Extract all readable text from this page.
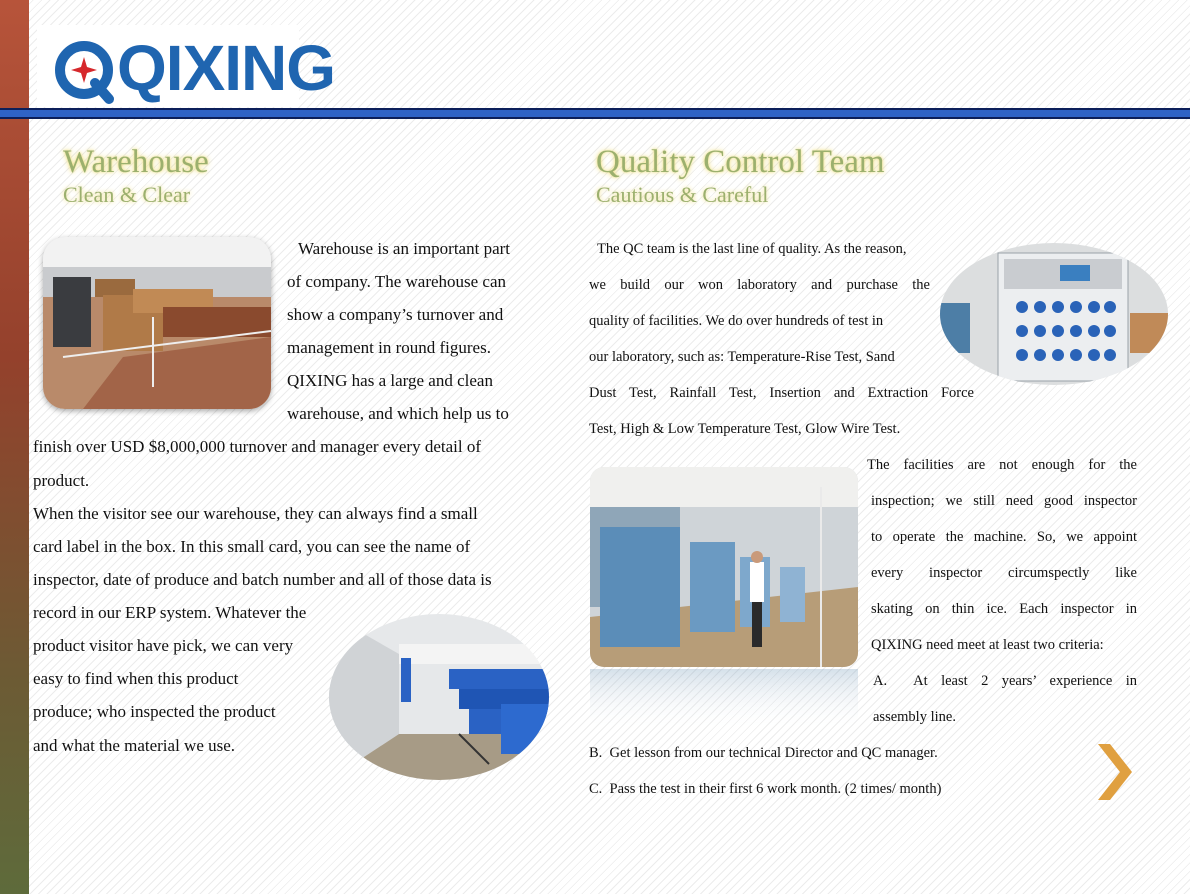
QIXING
Warehouse
Clean & Clear

Warehouse is an important part

of company. The warehouse can

show a company’s turnover and

management in round figures.

QIXING has a large and clean

warehouse, and which help us to

finish over USD $8,000,000 turnover and manager every detail of

product.

When the visitor see our warehouse, they can always find a small

card label in the box. In this small card, you can see the name of

inspector, date of produce and batch number and all of those data is

record in our ERP system. Whatever the

product visitor have pick, we can very

easy to find when this product

produce; who inspected the product

and what the material we use.

Quality Control Team
Cautious & Careful

The QC team is the last line of quality. As the reason,

we build our won laboratory and purchase the

quality of facilities. We do over hundreds of test in

our laboratory, such as: Temperature-Rise Test, Sand

Dust Test, Rainfall Test, Insertion and Extraction Force

Test, High & Low Temperature Test, Glow Wire Test.

The facilities are not enough for the

inspection; we still need good inspector

to operate the machine. So, we appoint

every inspector circumspectly like

skating on thin ice. Each inspector in

QIXING need meet at least two criteria:

A.  At least 2 years’ experience in

assembly line.

B.  Get lesson from our technical Director and QC manager.

C.  Pass the test in their first 6 work month. (2 times/ month)
